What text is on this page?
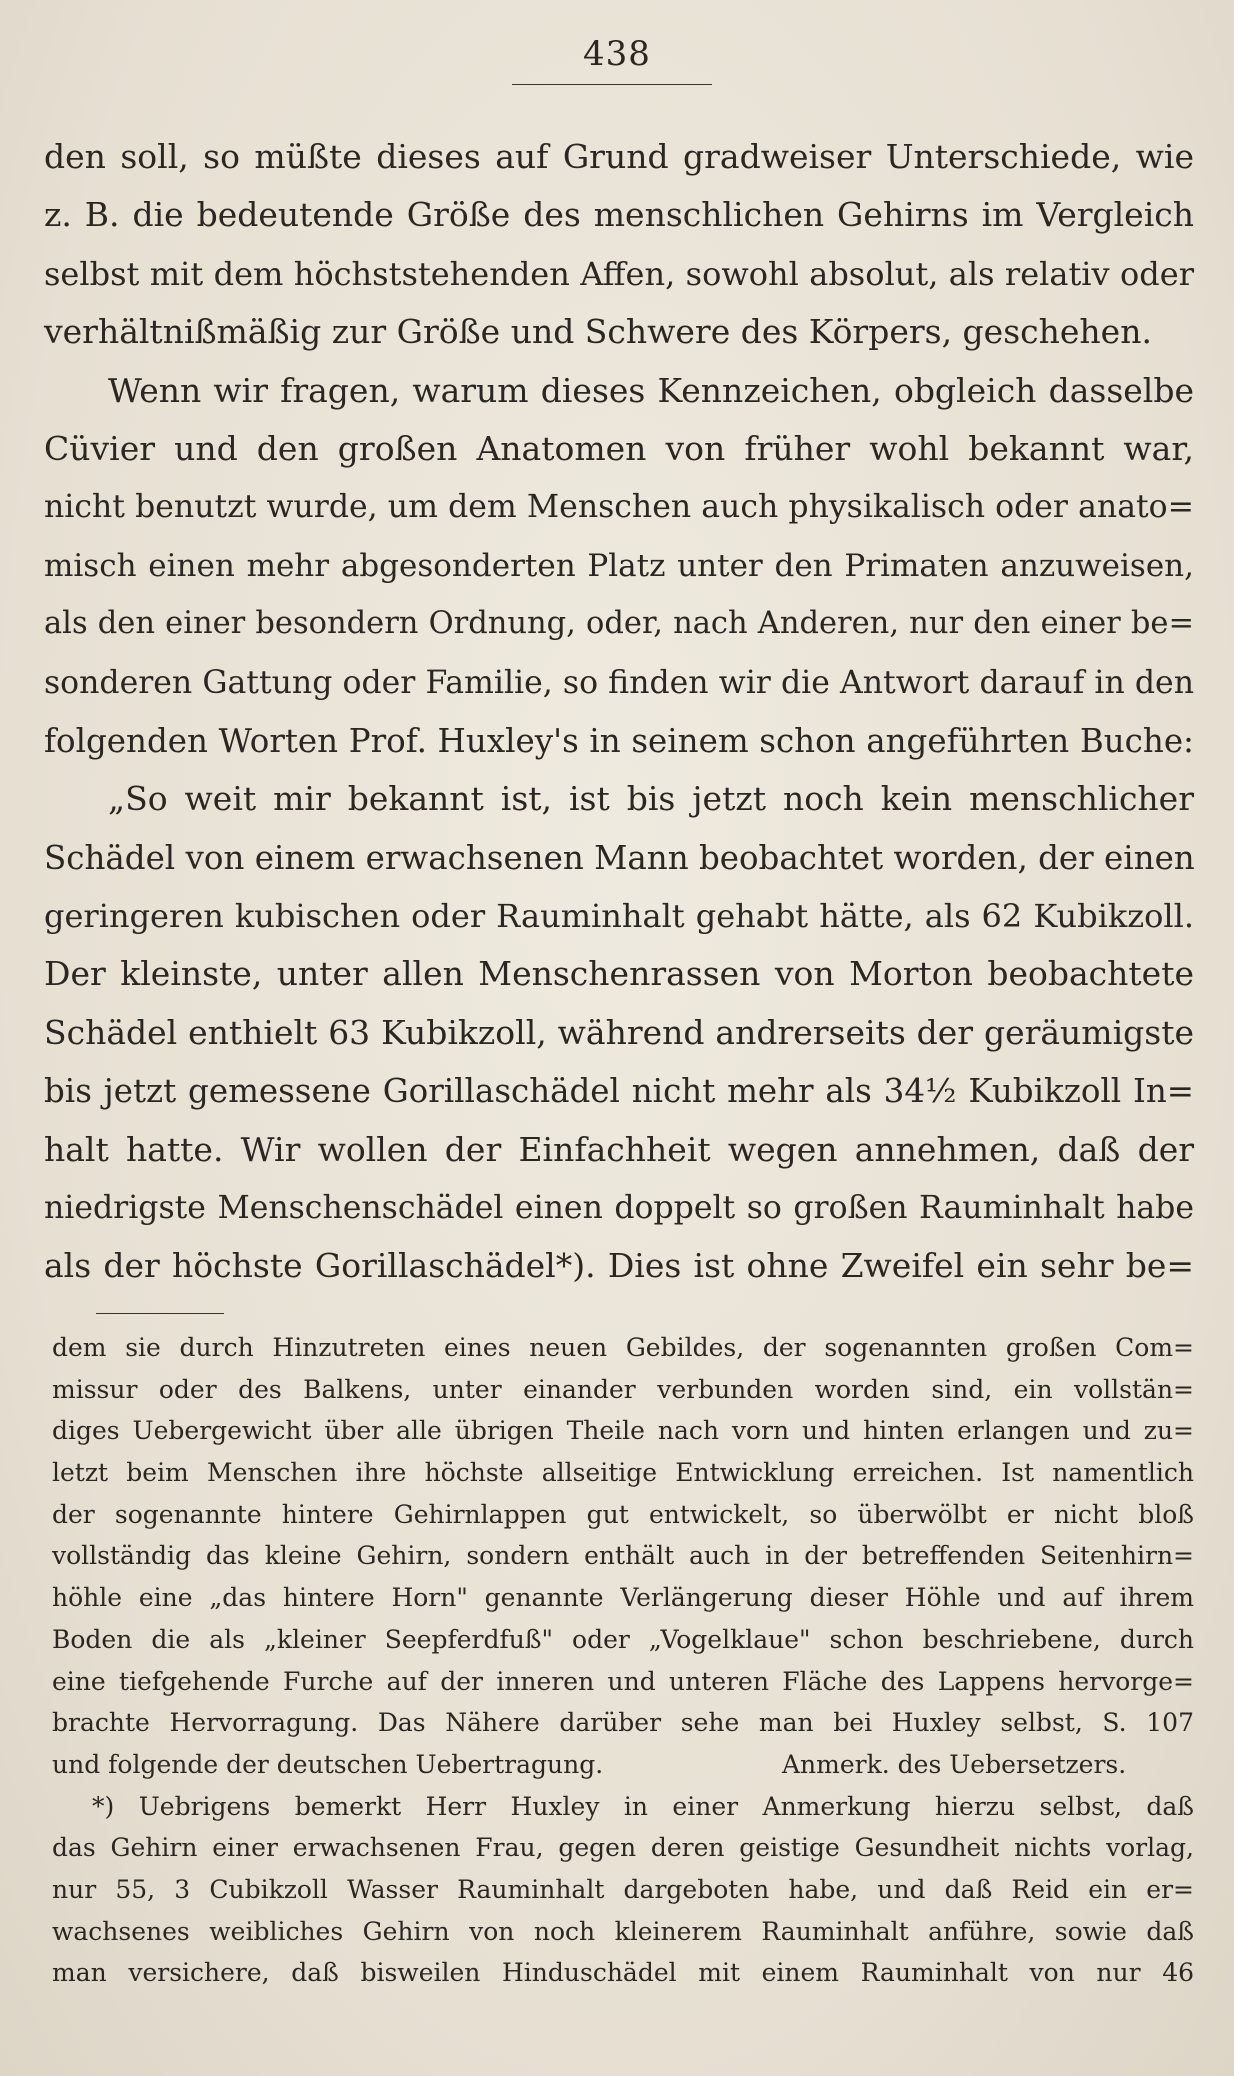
438
den soll, so müßte dieses auf Grund gradweiser Unterschiede, wie
z. B. die bedeutende Größe des menschlichen Gehirns im Vergleich
selbst mit dem höchststehenden Affen, sowohl absolut, als relativ oder
verhältnißmäßig zur Größe und Schwere des Körpers, geschehen.
Wenn wir fragen, warum dieses Kennzeichen, obgleich dasselbe
Cüvier und den großen Anatomen von früher wohl bekannt war,
nicht benutzt wurde, um dem Menschen auch physikalisch oder anato=
misch einen mehr abgesonderten Platz unter den Primaten anzuweisen,
als den einer besondern Ordnung, oder, nach Anderen, nur den einer be=
sonderen Gattung oder Familie, so finden wir die Antwort darauf in den
folgenden Worten Prof. Huxley's in seinem schon angeführten Buche:
„So weit mir bekannt ist, ist bis jetzt noch kein menschlicher
Schädel von einem erwachsenen Mann beobachtet worden, der einen
geringeren kubischen oder Rauminhalt gehabt hätte, als 62 Kubikzoll.
Der kleinste, unter allen Menschenrassen von Morton beobachtete
Schädel enthielt 63 Kubikzoll, während andrerseits der geräumigste
bis jetzt gemessene Gorillaschädel nicht mehr als 34½ Kubikzoll In=
halt hatte. Wir wollen der Einfachheit wegen annehmen, daß der
niedrigste Menschenschädel einen doppelt so großen Rauminhalt habe
als der höchste Gorillaschädel*). Dies ist ohne Zweifel ein sehr be=
dem sie durch Hinzutreten eines neuen Gebildes, der sogenannten großen Com=
missur oder des Balkens, unter einander verbunden worden sind, ein vollstän=
diges Uebergewicht über alle übrigen Theile nach vorn und hinten erlangen und zu=
letzt beim Menschen ihre höchste allseitige Entwicklung erreichen. Ist namentlich
der sogenannte hintere Gehirnlappen gut entwickelt, so überwölbt er nicht bloß
vollständig das kleine Gehirn, sondern enthält auch in der betreffenden Seitenhirn=
höhle eine „das hintere Horn" genannte Verlängerung dieser Höhle und auf ihrem
Boden die als „kleiner Seepferdfuß" oder „Vogelklaue" schon beschriebene, durch
eine tiefgehende Furche auf der inneren und unteren Fläche des Lappens hervorge=
brachte Hervorragung. Das Nähere darüber sehe man bei Huxley selbst, S. 107
und folgende der deutschen Uebertragung.	Anmerk. des Uebersetzers.
*) Uebrigens bemerkt Herr Huxley in einer Anmerkung hierzu selbst, daß
das Gehirn einer erwachsenen Frau, gegen deren geistige Gesundheit nichts vorlag,
nur 55, 3 Cubikzoll Wasser Rauminhalt dargeboten habe, und daß Reid ein er=
wachsenes weibliches Gehirn von noch kleinerem Rauminhalt anführe, sowie daß
man versichere, daß bisweilen Hinduschädel mit einem Rauminhalt von nur 46
